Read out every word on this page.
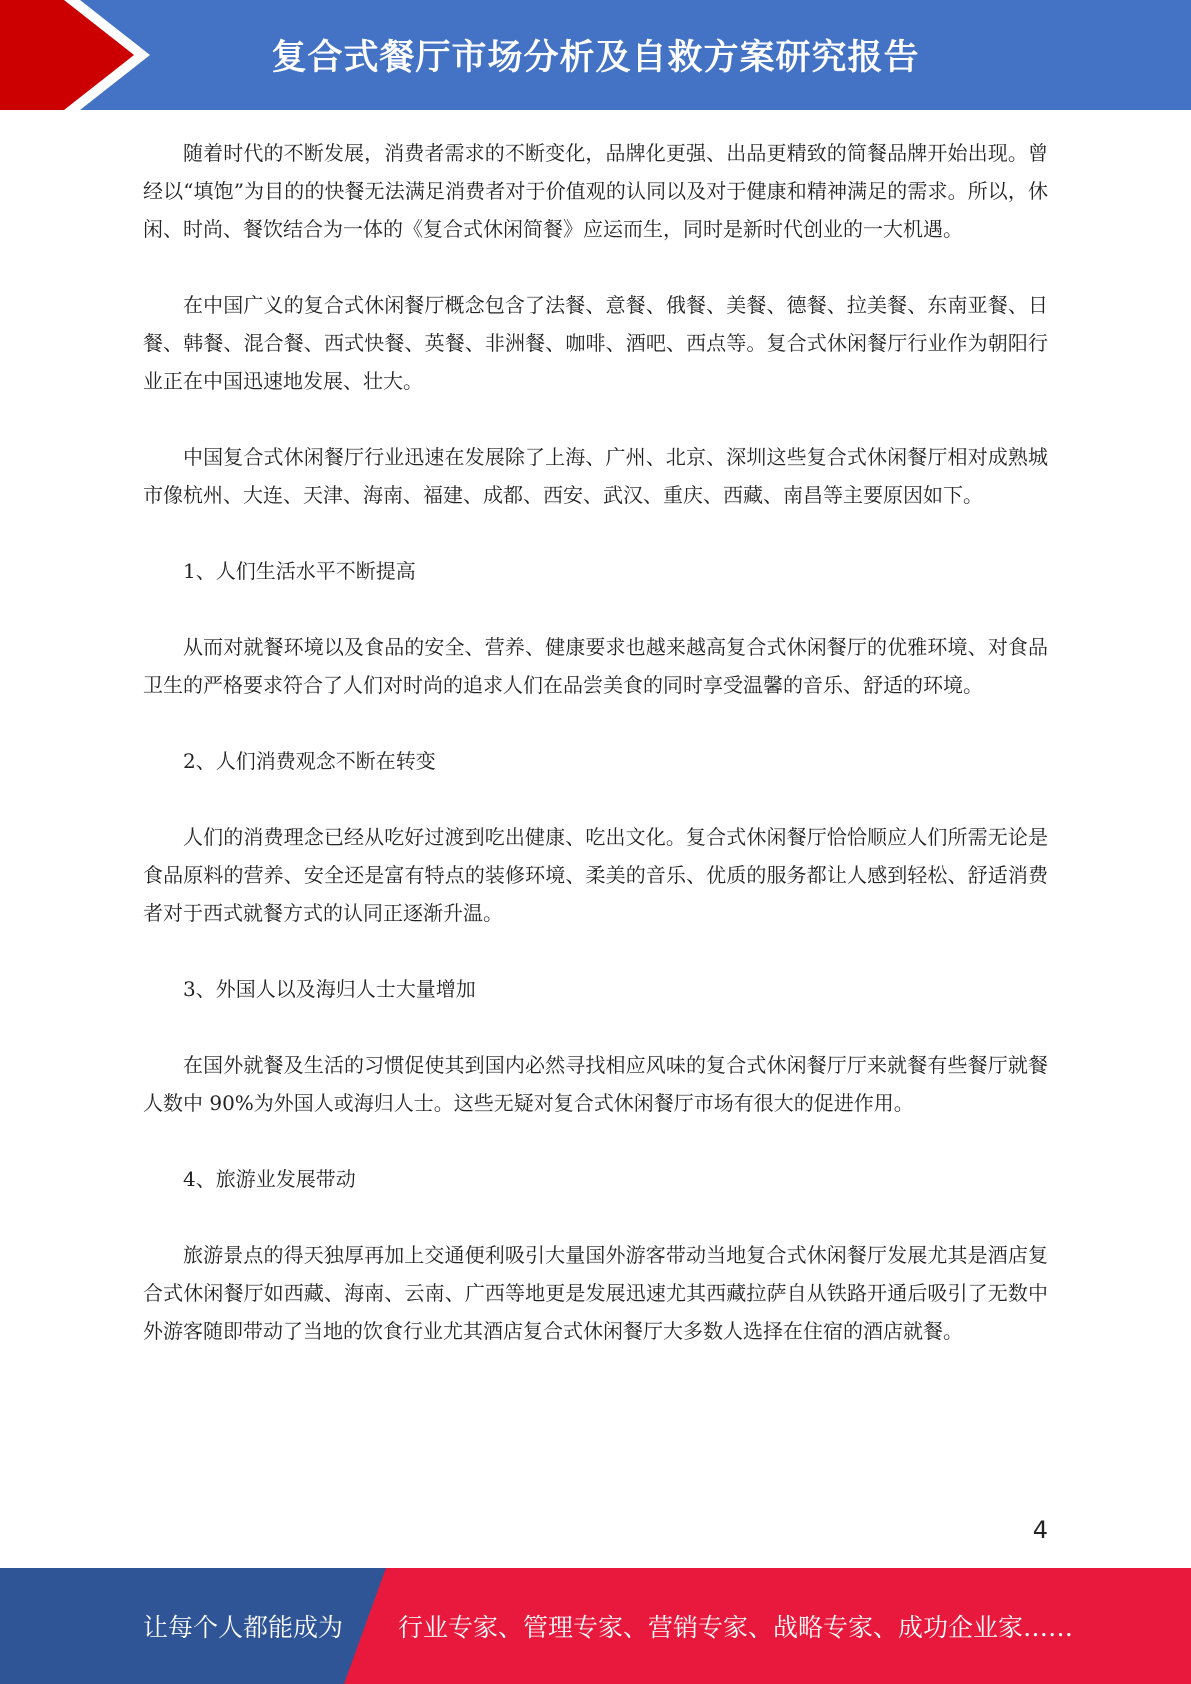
复合式餐厅市场分析及自救方案研究报告

随着时代的不断发展，消费者需求的不断变化，品牌化更强、出品更精致的简餐品牌开始出现。曾经以“填饱”为目的的快餐无法满足消费者对于价值观的认同以及对于健康和精神满足的需求。所以，休闲、时尚、餐饮结合为一体的《复合式休闲简餐》应运而生，同时是新时代创业的一大机遇。

在中国广义的复合式休闲餐厅概念包含了法餐、意餐、俄餐、美餐、德餐、拉美餐、东南亚餐、日餐、韩餐、混合餐、西式快餐、英餐、非洲餐、咖啡、酒吧、西点等。复合式休闲餐厅行业作为朝阳行业正在中国迅速地发展、壮大。

中国复合式休闲餐厅行业迅速在发展除了上海、广州、北京、深圳这些复合式休闲餐厅相对成熟城市像杭州、大连、天津、海南、福建、成都、西安、武汉、重庆、西藏、南昌等主要原因如下。

1、人们生活水平不断提高

从而对就餐环境以及食品的安全、营养、健康要求也越来越高复合式休闲餐厅的优雅环境、对食品卫生的严格要求符合了人们对时尚的追求人们在品尝美食的同时享受温馨的音乐、舒适的环境。

2、人们消费观念不断在转变

人们的消费理念已经从吃好过渡到吃出健康、吃出文化。复合式休闲餐厅恰恰顺应人们所需无论是食品原料的营养、安全还是富有特点的装修环境、柔美的音乐、优质的服务都让人感到轻松、舒适消费者对于西式就餐方式的认同正逐渐升温。

3、外国人以及海归人士大量增加

在国外就餐及生活的习惯促使其到国内必然寻找相应风味的复合式休闲餐厅厅来就餐有些餐厅就餐人数中 90%为外国人或海归人士。这些无疑对复合式休闲餐厅市场有很大的促进作用。

4、旅游业发展带动

旅游景点的得天独厚再加上交通便利吸引大量国外游客带动当地复合式休闲餐厅发展尤其是酒店复合式休闲餐厅如西藏、海南、云南、广西等地更是发展迅速尤其西藏拉萨自从铁路开通后吸引了无数中外游客随即带动了当地的饮食行业尤其酒店复合式休闲餐厅大多数人选择在住宿的酒店就餐。

4
让每个人都能成为 行业专家、管理专家、营销专家、战略专家、成功企业家……
